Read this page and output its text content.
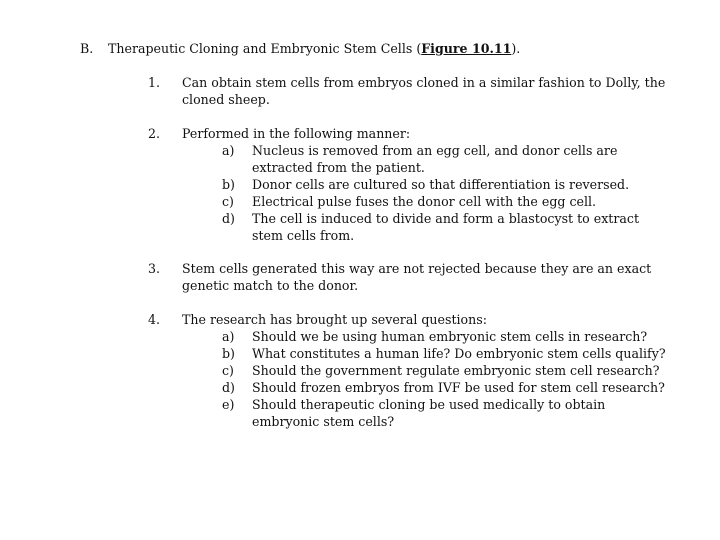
B. Therapeutic Cloning and Embryonic Stem Cells (Figure 10.11).
1. Can obtain stem cells from embryos cloned in a similar fashion to Dolly, the cloned sheep.
2. Performed in the following manner:
a) Nucleus is removed from an egg cell, and donor cells are extracted from the patient.
b) Donor cells are cultured so that differentiation is reversed.
c) Electrical pulse fuses the donor cell with the egg cell.
d) The cell is induced to divide and form a blastocyst to extract stem cells from.
3. Stem cells generated this way are not rejected because they are an exact genetic match to the donor.
4. The research has brought up several questions:
a) Should we be using human embryonic stem cells in research?
b) What constitutes a human life? Do embryonic stem cells qualify?
c) Should the government regulate embryonic stem cell research?
d) Should frozen embryos from IVF be used for stem cell research?
e) Should therapeutic cloning be used medically to obtain embryonic stem cells?
